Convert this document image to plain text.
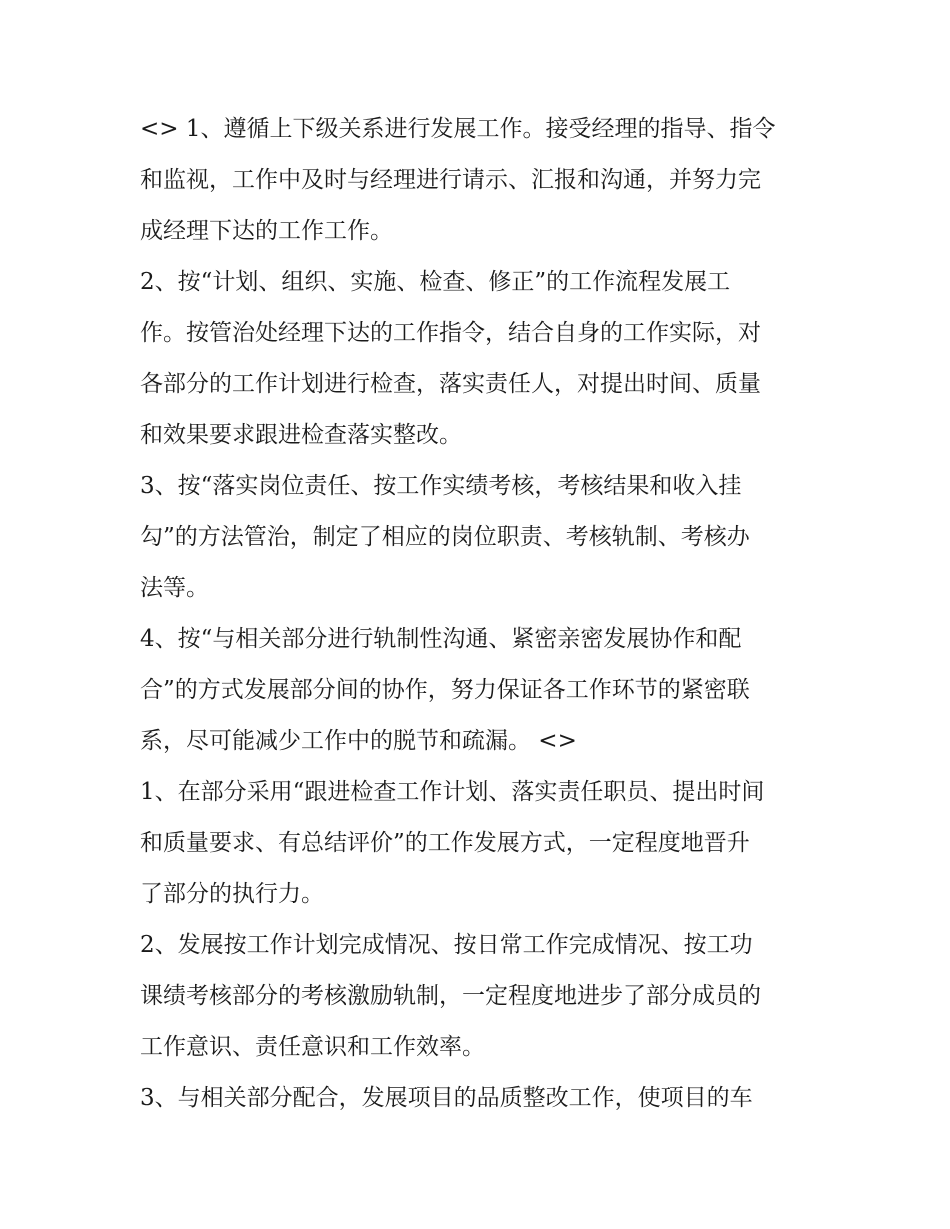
<> 1、遵循上下级关系进行发展工作。接受经理的指导、指令
和监视，工作中及时与经理进行请示、汇报和沟通，并努力完
成经理下达的工作工作。
2、按“计划、组织、实施、检查、修正”的工作流程发展工
作。按管治处经理下达的工作指令，结合自身的工作实际，对
各部分的工作计划进行检查，落实责任人，对提出时间、质量
和效果要求跟进检查落实整改。
3、按“落实岗位责任、按工作实绩考核，考核结果和收入挂
勾”的方法管治，制定了相应的岗位职责、考核轨制、考核办
法等。
4、按“与相关部分进行轨制性沟通、紧密亲密发展协作和配
合”的方式发展部分间的协作，努力保证各工作环节的紧密联
系，尽可能减少工作中的脱节和疏漏。 <>
1、在部分采用“跟进检查工作计划、落实责任职员、提出时间
和质量要求、有总结评价”的工作发展方式，一定程度地晋升
了部分的执行力。
2、发展按工作计划完成情况、按日常工作完成情况、按工功
课绩考核部分的考核激励轨制，一定程度地进步了部分成员的
工作意识、责任意识和工作效率。
3、与相关部分配合，发展项目的品质整改工作，使项目的车
